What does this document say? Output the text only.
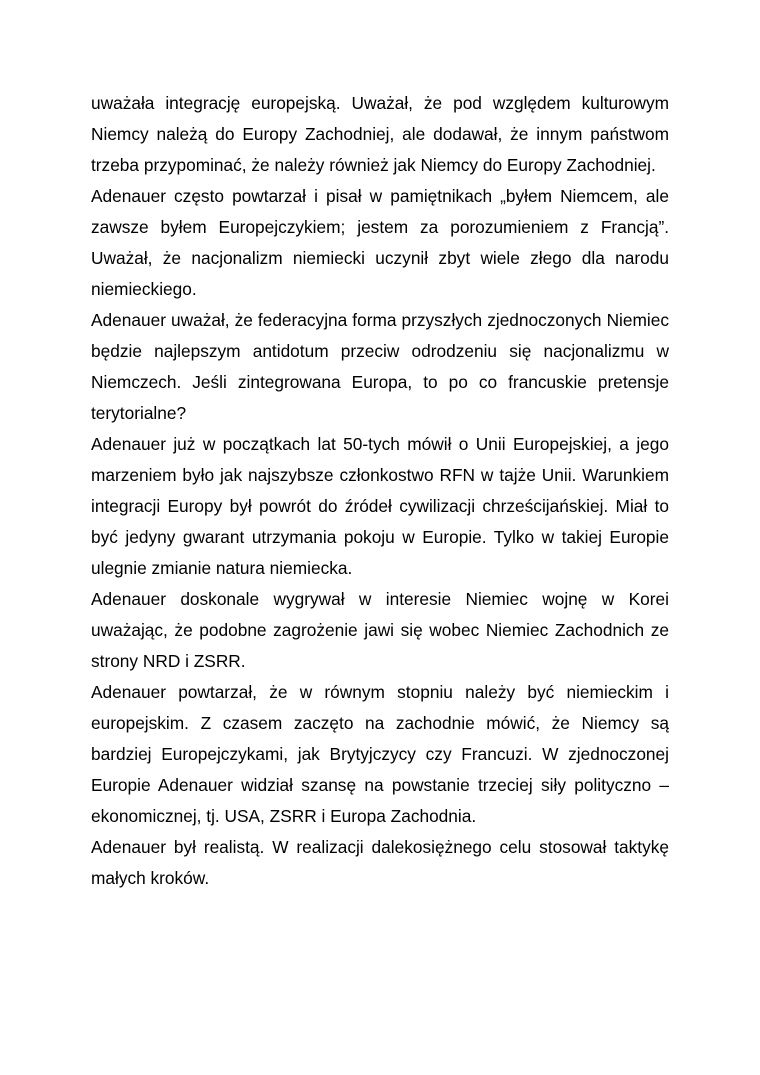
uważała integrację europejską. Uważał, że pod względem kulturowym Niemcy należą do Europy Zachodniej, ale dodawał, że innym państwom trzeba przypominać, że należy również jak Niemcy do Europy Zachodniej.

Adenauer często powtarzał i pisał w pamiętnikach „byłem Niemcem, ale zawsze byłem Europejczykiem; jestem za porozumieniem z Francją”. Uważał, że nacjonalizm niemiecki uczynił zbyt wiele złego dla narodu niemieckiego.

Adenauer uważał, że federacyjna forma przyszłych zjednoczonych Niemiec będzie najlepszym antidotum przeciw odrodzeniu się nacjonalizmu w Niemczech. Jeśli zintegrowana Europa, to po co francuskie pretensje terytorialne?

Adenauer już w początkach lat 50-tych mówił o Unii Europejskiej, a jego marzeniem było jak najszybsze członkostwo RFN w tajże Unii. Warunkiem integracji Europy był powrót do źródeł cywilizacji chrześcijańskiej. Miał to być jedyny gwarant utrzymania pokoju w Europie. Tylko w takiej Europie ulegnie zmianie natura niemiecka.

Adenauer doskonale wygrywał w interesie Niemiec wojnę w Korei uważając, że podobne zagrożenie jawi się wobec Niemiec Zachodnich ze strony NRD i ZSRR.

Adenauer powtarzał, że w równym stopniu należy być niemieckim i europejskim. Z czasem zaczęto na zachodnie mówić, że Niemcy są bardziej Europejczykami, jak Brytyjczycy czy Francuzi. W zjednoczonej Europie Adenauer widział szansę na powstanie trzeciej siły polityczno – ekonomicznej, tj. USA, ZSRR i Europa Zachodnia.

Adenauer był realistą. W realizacji dalekosiężnego celu stosował taktykę małych kroków.
